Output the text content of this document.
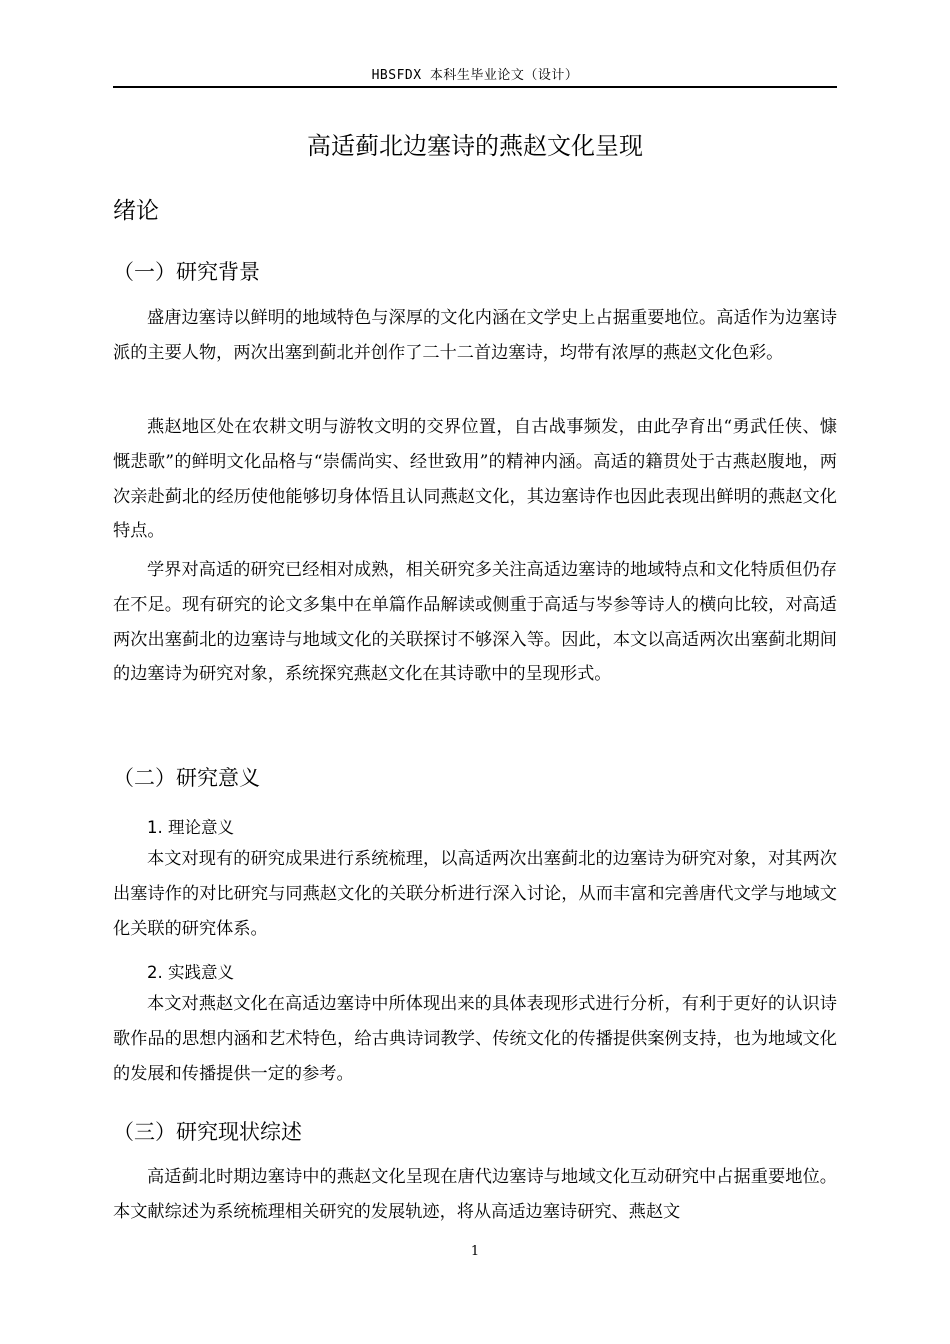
HBSFDX 本科生毕业论文（设计）
高适蓟北边塞诗的燕赵文化呈现
绪论
（一）研究背景

盛唐边塞诗以鲜明的地域特色与深厚的文化内涵在文学史上占据重要地位。高适作为边塞诗派的主要人物，两次出塞到蓟北并创作了二十二首边塞诗，均带有浓厚的燕赵文化色彩。

燕赵地区处在农耕文明与游牧文明的交界位置，自古战事频发，由此孕育出“勇武任侠、慷慨悲歌”的鲜明文化品格与“崇儒尚实、经世致用”的精神内涵。高适的籍贯处于古燕赵腹地，两次亲赴蓟北的经历使他能够切身体悟且认同燕赵文化，其边塞诗作也因此表现出鲜明的燕赵文化特点。

学界对高适的研究已经相对成熟，相关研究多关注高适边塞诗的地域特点和文化特质但仍存在不足。现有研究的论文多集中在单篇作品解读或侧重于高适与岑参等诗人的横向比较，对高适两次出塞蓟北的边塞诗与地域文化的关联探讨不够深入等。因此，本文以高适两次出塞蓟北期间的边塞诗为研究对象，系统探究燕赵文化在其诗歌中的呈现形式。

（二）研究意义
1. 理论意义

本文对现有的研究成果进行系统梳理，以高适两次出塞蓟北的边塞诗为研究对象，对其两次出塞诗作的对比研究与同燕赵文化的关联分析进行深入讨论，从而丰富和完善唐代文学与地域文化关联的研究体系。

2. 实践意义

本文对燕赵文化在高适边塞诗中所体现出来的具体表现形式进行分析，有利于更好的认识诗歌作品的思想内涵和艺术特色，给古典诗词教学、传统文化的传播提供案例支持，也为地域文化的发展和传播提供一定的参考。

（三）研究现状综述

高适蓟北时期边塞诗中的燕赵文化呈现在唐代边塞诗与地域文化互动研究中占据重要地位。本文献综述为系统梳理相关研究的发展轨迹，将从高适边塞诗研究、燕赵文

1
